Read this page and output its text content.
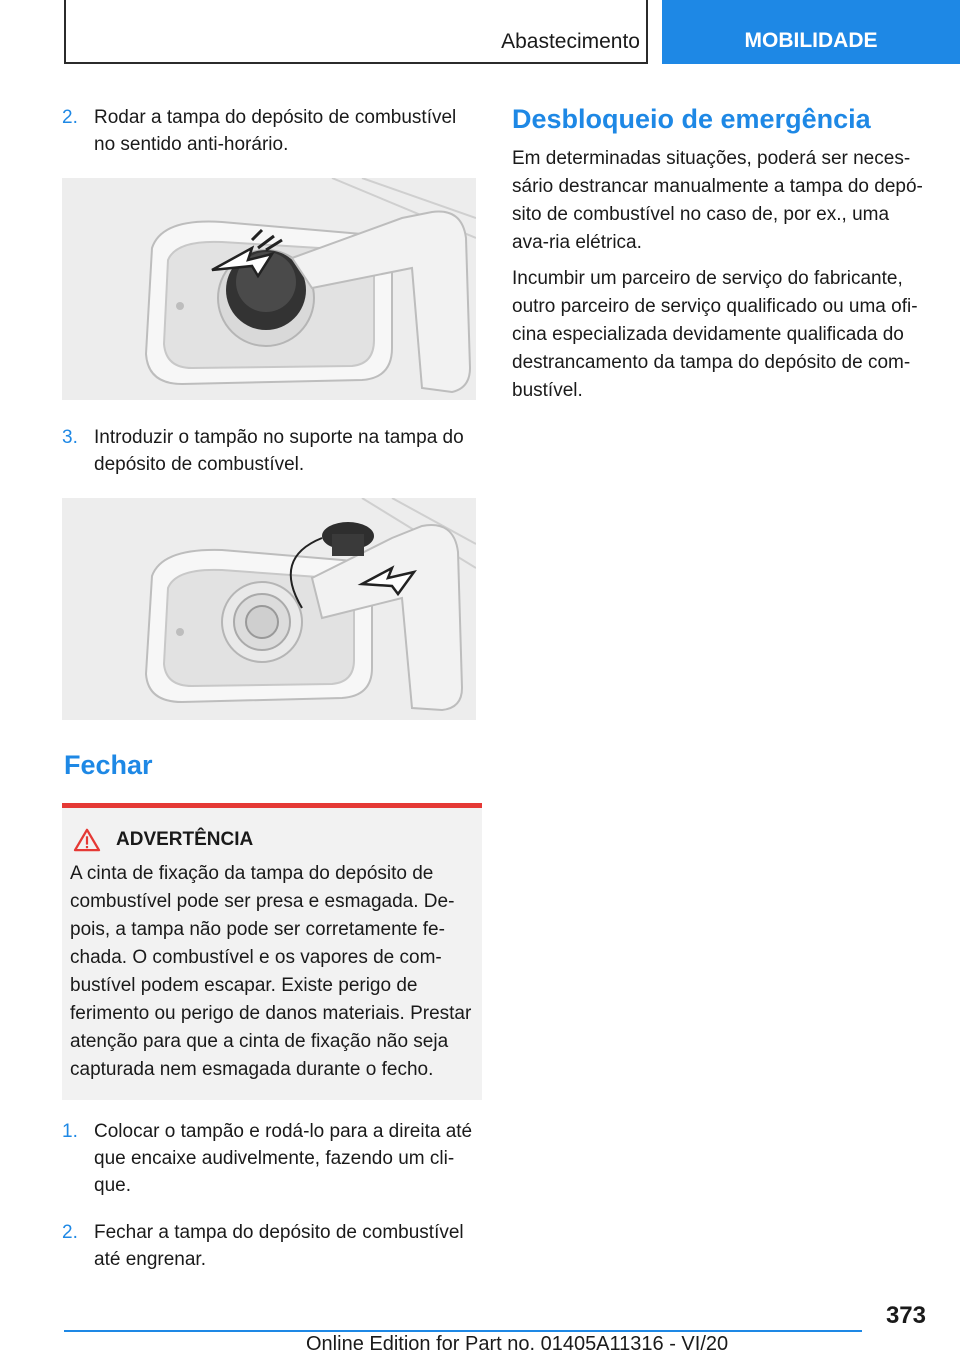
Abastecimento	MOBILIDADE
2. Rodar a tampa do depósito de combustível no sentido anti-horário.
3. Introduzir o tampão no suporte na tampa do depósito de combustível.
Fechar
ADVERTÊNCIA
A cinta de fixação da tampa do depósito de combustível pode ser presa e esmagada. De-pois, a tampa não pode ser corretamente fe-chada. O combustível e os vapores de com-bustível podem escapar. Existe perigo de ferimento ou perigo de danos materiais. Prestar atenção para que a cinta de fixação não seja capturada nem esmagada durante o fecho.
1. Colocar o tampão e rodá-lo para a direita até que encaixe audivelmente, fazendo um cli-que.
2. Fechar a tampa do depósito de combustível até engrenar.
Desbloqueio de emergência
Em determinadas situações, poderá ser neces-sário destrancar manualmente a tampa do depó-sito de combustível no caso de, por ex., uma ava-ria elétrica.
Incumbir um parceiro de serviço do fabricante, outro parceiro de serviço qualificado ou uma ofi-cina especializada devidamente qualificada do destrancamento da tampa do depósito de com-bustível.
373
Online Edition for Part no. 01405A11316 - VI/20
